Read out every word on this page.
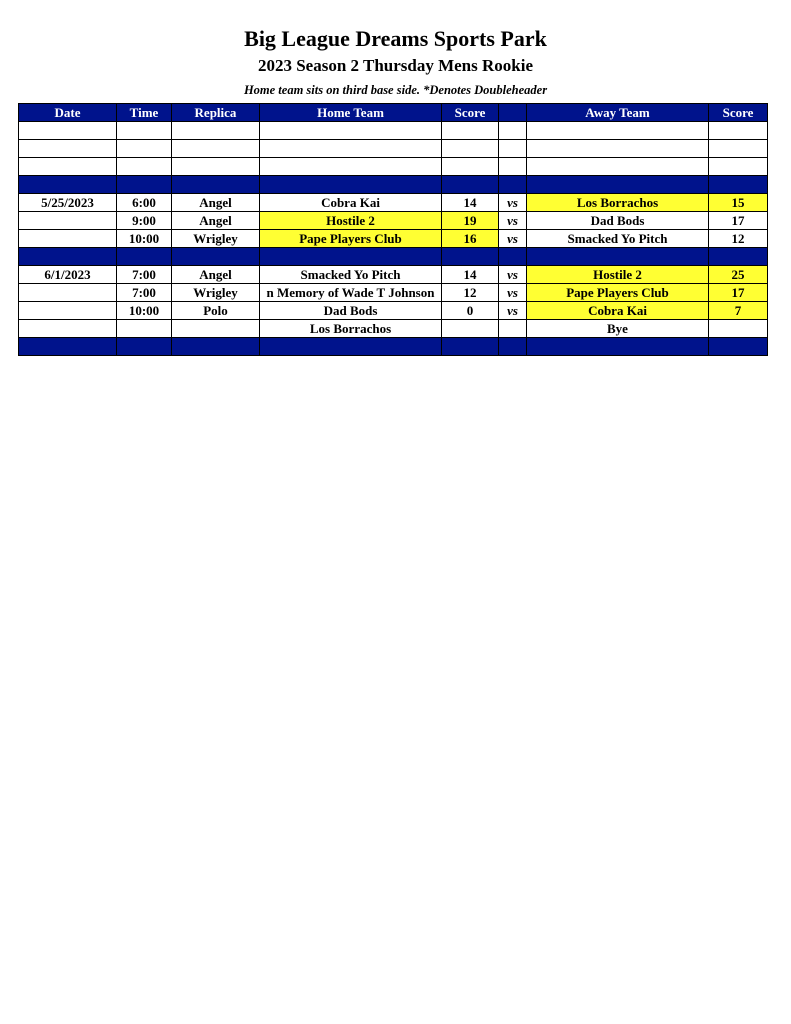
Big League Dreams Sports Park
2023 Season 2 Thursday Mens Rookie
Home team sits on third base side. *Denotes Doubleheader
Date	Time	Replica	Home Team	Score		Away Team	Score

5/25/2023	6:00	Angel	Cobra Kai	14	vs	Los Borrachos	15
	9:00	Angel	Hostile 2	19	vs	Dad Bods	17
	10:00	Wrigley	Pape Players Club	16	vs	Smacked Yo Pitch	12

6/1/2023	7:00	Angel	Smacked Yo Pitch	14	vs	Hostile 2	25
	7:00	Wrigley	n Memory of Wade T Johnson	12	vs	Pape Players Club	17
	10:00	Polo	Dad Bods	0	vs	Cobra Kai	7
			Los Borrachos			Bye	
